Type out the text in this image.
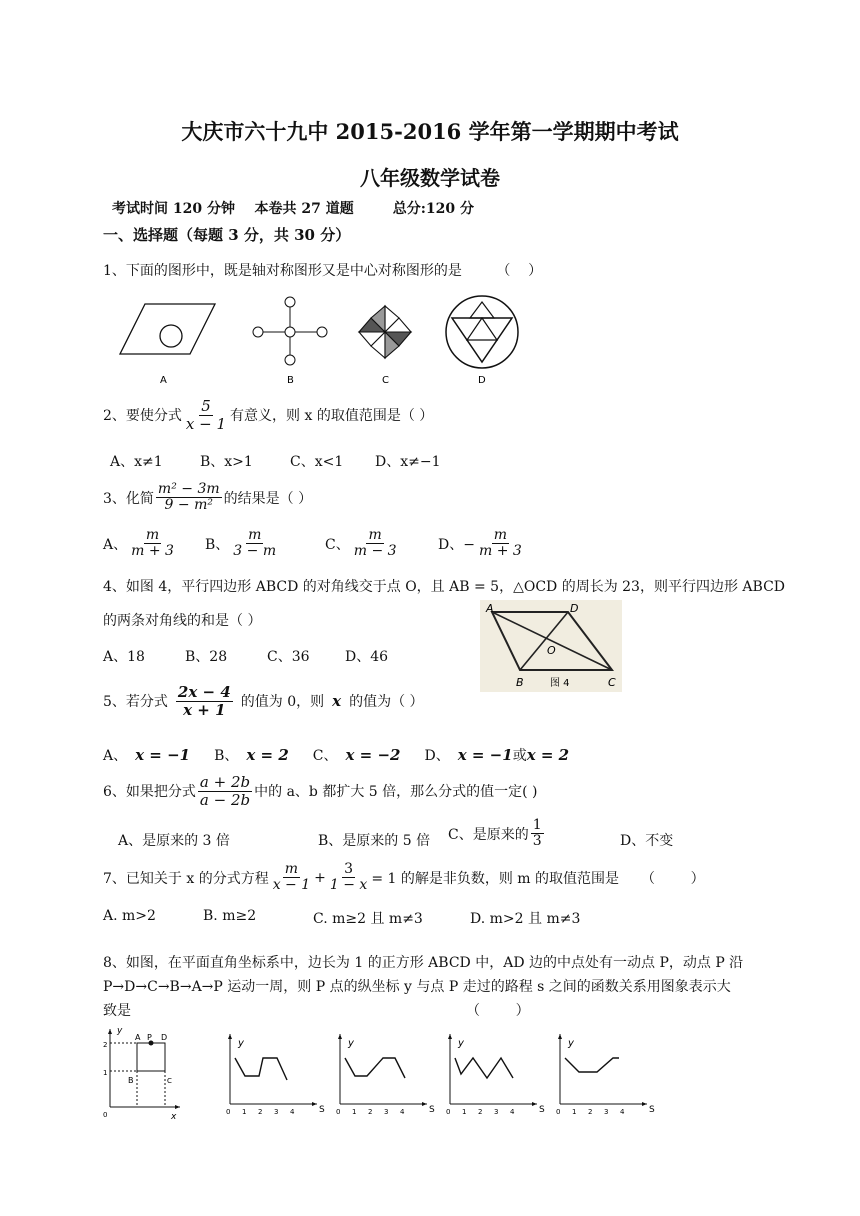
大庆市六十九中 2015-2016 学年第一学期期中考试
八年级数学试卷
考试时间 120 分钟    本卷共 27 道题        总分:120 分
一、选择题（每题 3 分，共 30 分）
1、下面的图形中，既是轴对称图形又是中心对称图形的是 （    ）
A	B	C	D
2、要使分式 $\frac{5}{x - 1}$ 有意义，则 x 的取值范围是（ ）
A、x≠1	B、x>1	C、x<1 D、x≠−1
3、化简 $\frac{\text{m² − 3m}}{\text{9 − m²}}$ 的结果是（ ）
A、 $\frac{m}{m + 3}$ B、 $\frac{m}{3 - m}$	C、 $\frac{m}{m - 3}$	D、− $\frac{m}{m + 3}$
4、如图 4，平行四边形 ABCD 的对角线交于点 O，且 AB = 5，△OCD 的周长为 23，则平行四边形 ABCD
的两条对角线的和是（ ）
A、18	B、28	C、36	D、46
A	D
O
B	C
图 4
5、若分式 $\frac{2x - 4}{x + 1}$ 的值为 0，则 x 的值为（ ）
A、 x = −1 B、 x = 2 C、 x = −2 D、 x = −1 或 x = 2
6、如果把分式 $\frac{a + 2b}{a - 2b}$ 中的 a、b 都扩大 5 倍，那么分式的值一定( )
A、是原来的 3 倍	B、是原来的 5 倍 C、是原来的 $\frac{1}{3}$	D、不变
7、已知关于 x 的分式方程 $\frac{m}{x - 1} + \frac{3}{1 - x} = 1$ 的解是非负数，则 m 的取值范围是 （        ）
A. m>2	B. m≥2	C. m≥2 且 m≠3	D. m>2 且 m≠3
8、如图，在平面直角坐标系中，边长为 1 的正方形 ABCD 中，AD 边的中点处有一动点 P，动点 P 沿
P→D→C→B→A→P 运动一周，则 P 点的纵坐标 y 与点 P 走过的路程 s 之间的函数关系用图象表示大
致是	（        ）
A P D
B	C
x
y
0
1
2	y
S
0 1 2 3 4
y
S
0 1 2 3 4
y
S
0 1 2 3 4
y
S
0 1 2 3 4
